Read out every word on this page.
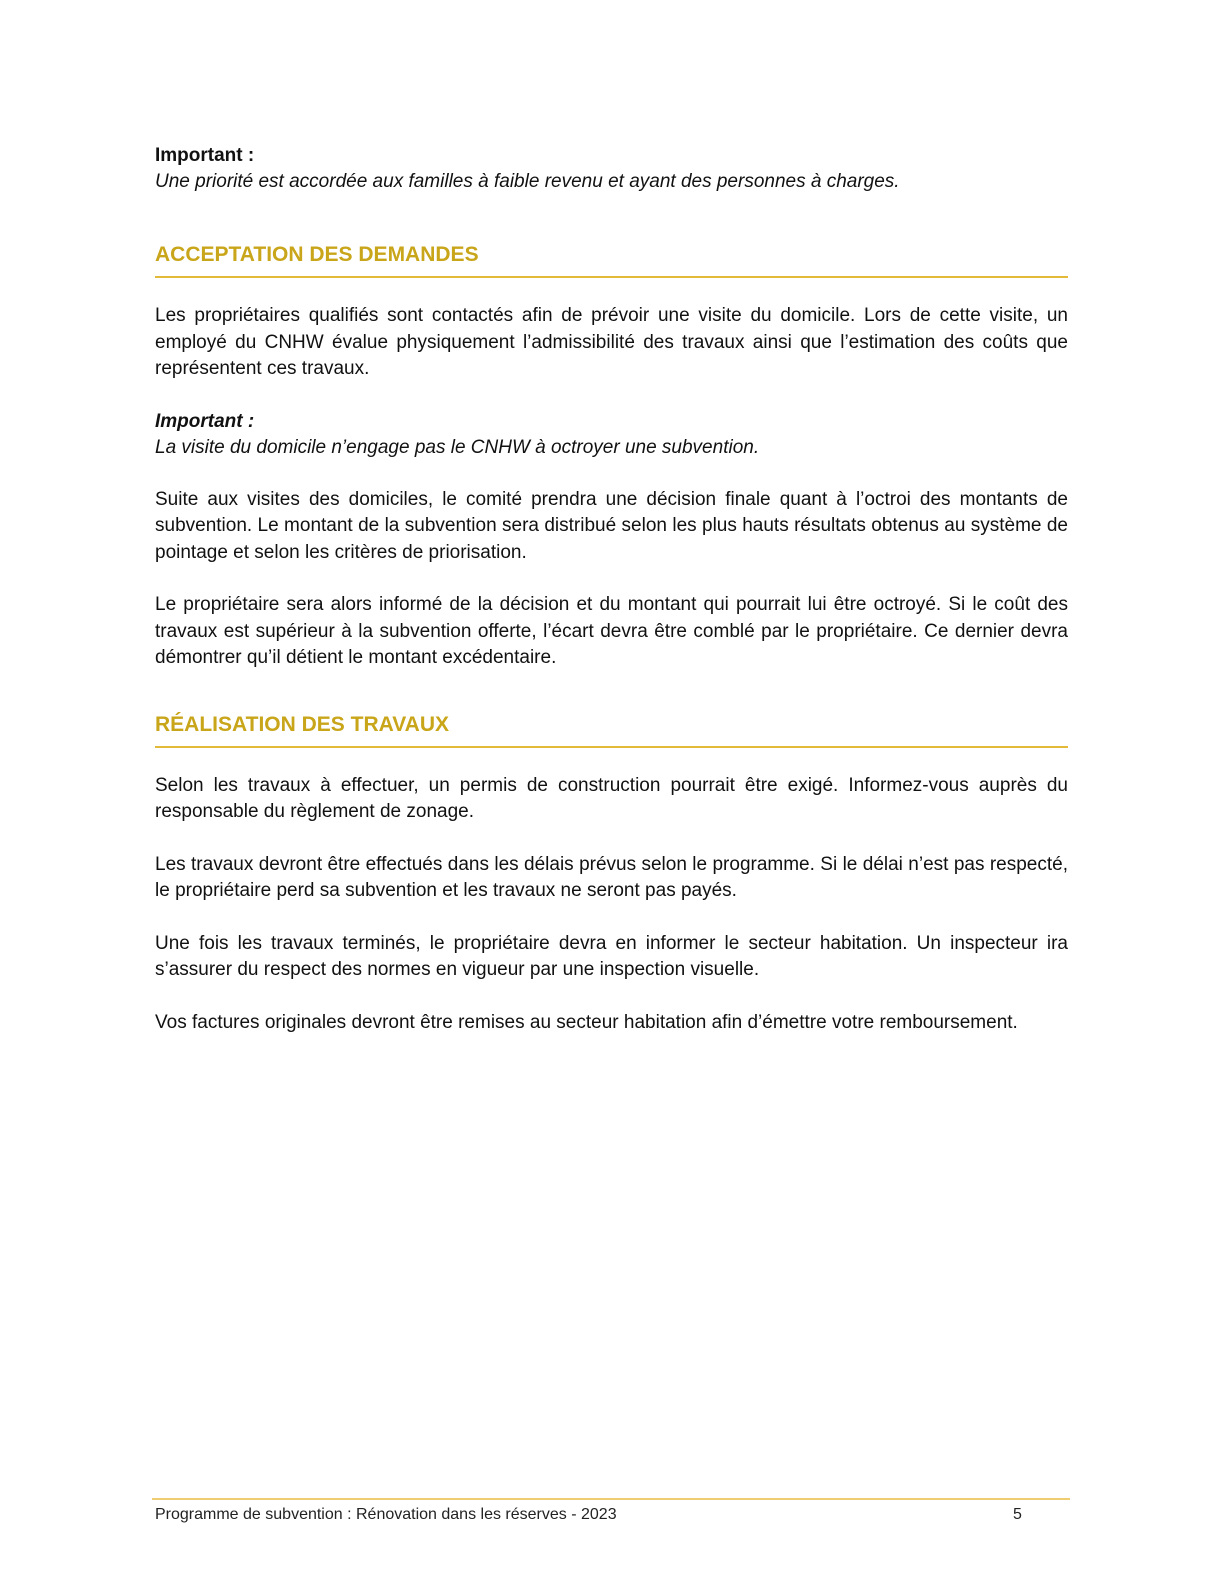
Important :

Une priorité est accordée aux familles à faible revenu et ayant des personnes à charges.

ACCEPTATION DES DEMANDES

Les propriétaires qualifiés sont contactés afin de prévoir une visite du domicile. Lors de cette visite, un employé du CNHW évalue physiquement l’admissibilité des travaux ainsi que l’estimation des coûts que représentent ces travaux.

Important :

La visite du domicile n’engage pas le CNHW à octroyer une subvention.

Suite aux visites des domiciles, le comité prendra une décision finale quant à l’octroi des montants de subvention. Le montant de la subvention sera distribué selon les plus hauts résultats obtenus au système de pointage et selon les critères de priorisation.

Le propriétaire sera alors informé de la décision et du montant qui pourrait lui être octroyé. Si le coût des travaux est supérieur à la subvention offerte, l’écart devra être comblé par le propriétaire. Ce dernier devra démontrer qu’il détient le montant excédentaire.

RÉALISATION DES TRAVAUX

Selon les travaux à effectuer, un permis de construction pourrait être exigé. Informez-vous auprès du responsable du règlement de zonage.

Les travaux devront être effectués dans les délais prévus selon le programme. Si le délai n’est pas respecté, le propriétaire perd sa subvention et les travaux ne seront pas payés.

Une fois les travaux terminés, le propriétaire devra en informer le secteur habitation. Un inspecteur ira s’assurer du respect des normes en vigueur par une inspection visuelle.

Vos factures originales devront être remises au secteur habitation afin d’émettre votre remboursement.

Programme de subvention : Rénovation dans les réserves - 2023	5
